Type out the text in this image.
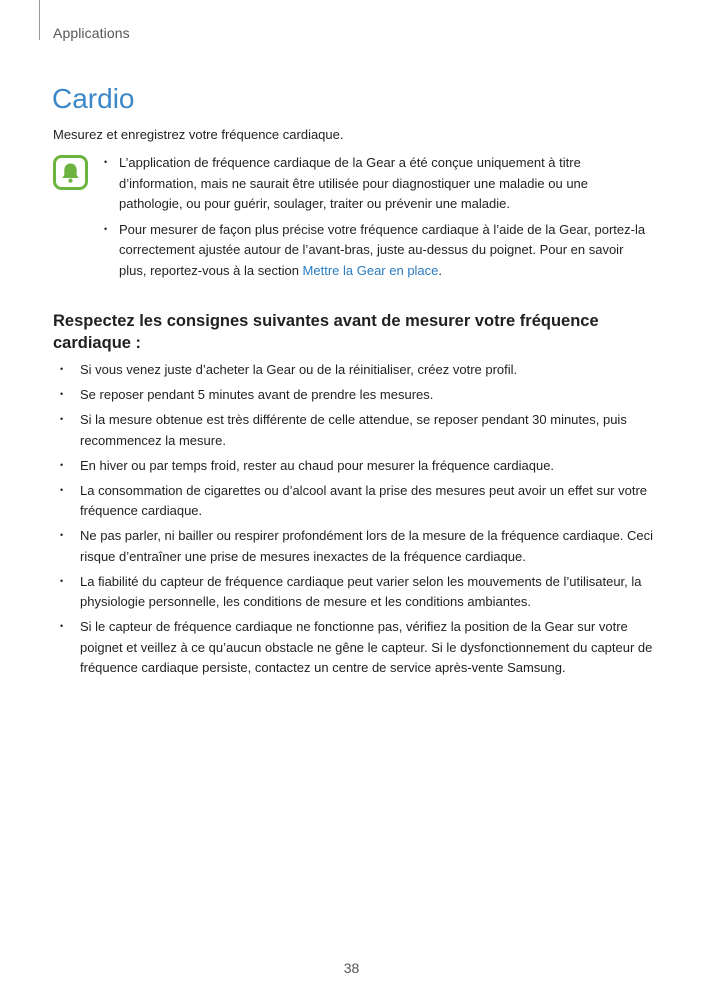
Applications
Cardio

Mesurez et enregistrez votre fréquence cardiaque.

• L’application de fréquence cardiaque de la Gear a été conçue uniquement à titre d’information, mais ne saurait être utilisée pour diagnostiquer une maladie ou une pathologie, ou pour guérir, soulager, traiter ou prévenir une maladie.
• Pour mesurer de façon plus précise votre fréquence cardiaque à l’aide de la Gear, portez-la correctement ajustée autour de l’avant-bras, juste au-dessus du poignet. Pour en savoir plus, reportez-vous à la section Mettre la Gear en place.
Respectez les consignes suivantes avant de mesurer votre fréquence cardiaque :
• Si vous venez juste d’acheter la Gear ou de la réinitialiser, créez votre profil.
• Se reposer pendant 5 minutes avant de prendre les mesures.
• Si la mesure obtenue est très différente de celle attendue, se reposer pendant 30 minutes, puis recommencez la mesure.
• En hiver ou par temps froid, rester au chaud pour mesurer la fréquence cardiaque.
• La consommation de cigarettes ou d’alcool avant la prise des mesures peut avoir un effet sur votre fréquence cardiaque.
• Ne pas parler, ni bailler ou respirer profondément lors de la mesure de la fréquence cardiaque. Ceci risque d’entraîner une prise de mesures inexactes de la fréquence cardiaque.
• La fiabilité du capteur de fréquence cardiaque peut varier selon les mouvements de l’utilisateur, la physiologie personnelle, les conditions de mesure et les conditions ambiantes.
• Si le capteur de fréquence cardiaque ne fonctionne pas, vérifiez la position de la Gear sur votre poignet et veillez à ce qu’aucun obstacle ne gêne le capteur. Si le dysfonctionnement du capteur de fréquence cardiaque persiste, contactez un centre de service après-vente Samsung.
38
